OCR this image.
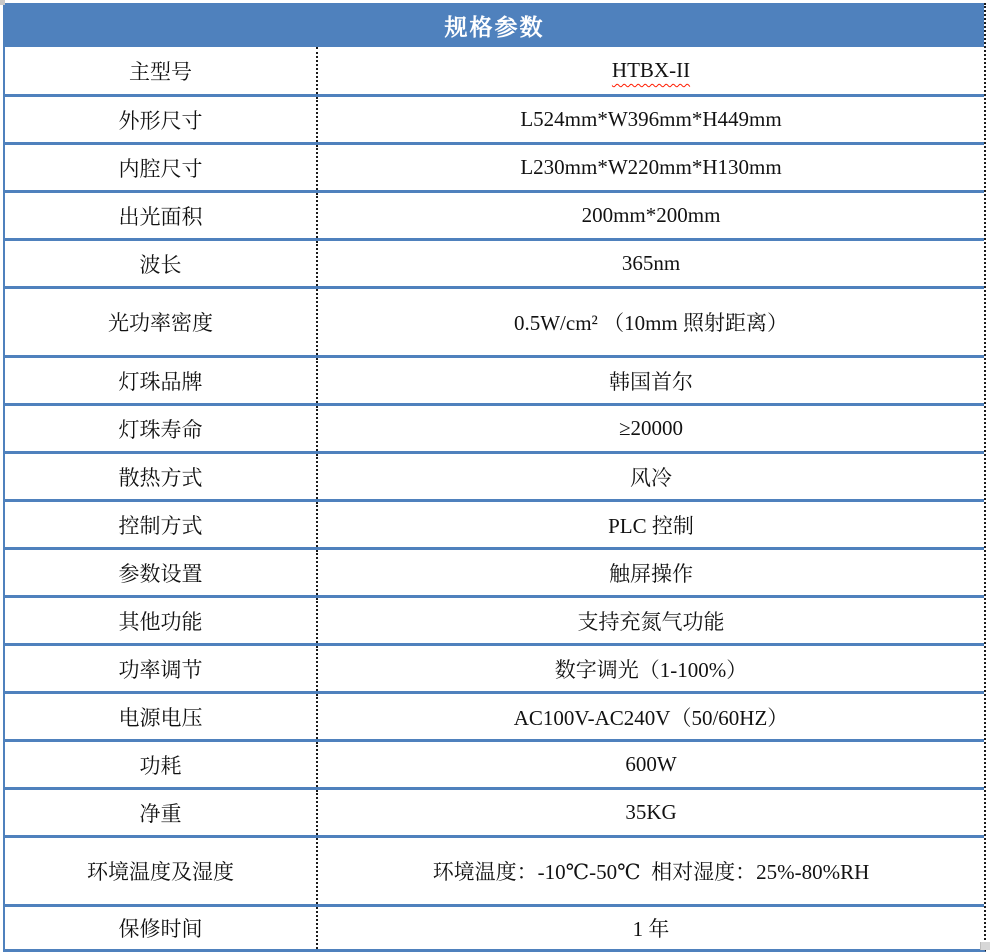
规格参数
主型号	HTBX-II
外形尺寸	L524mm*W396mm*H449mm
内腔尺寸	L230mm*W220mm*H130mm
出光面积	200mm*200mm
波长	365nm
光功率密度	0.5W/cm² （10mm 照射距离）
灯珠品牌	韩国首尔
灯珠寿命	≥20000
散热方式	风冷
控制方式	PLC 控制
参数设置	触屏操作
其他功能	支持充氮气功能
功率调节	数字调光（1-100%）
电源电压	AC100V-AC240V（50/60HZ）
功耗	600W
净重	35KG
环境温度及湿度	环境温度：-10℃-50℃  相对湿度：25%-80%RH
保修时间	1 年
